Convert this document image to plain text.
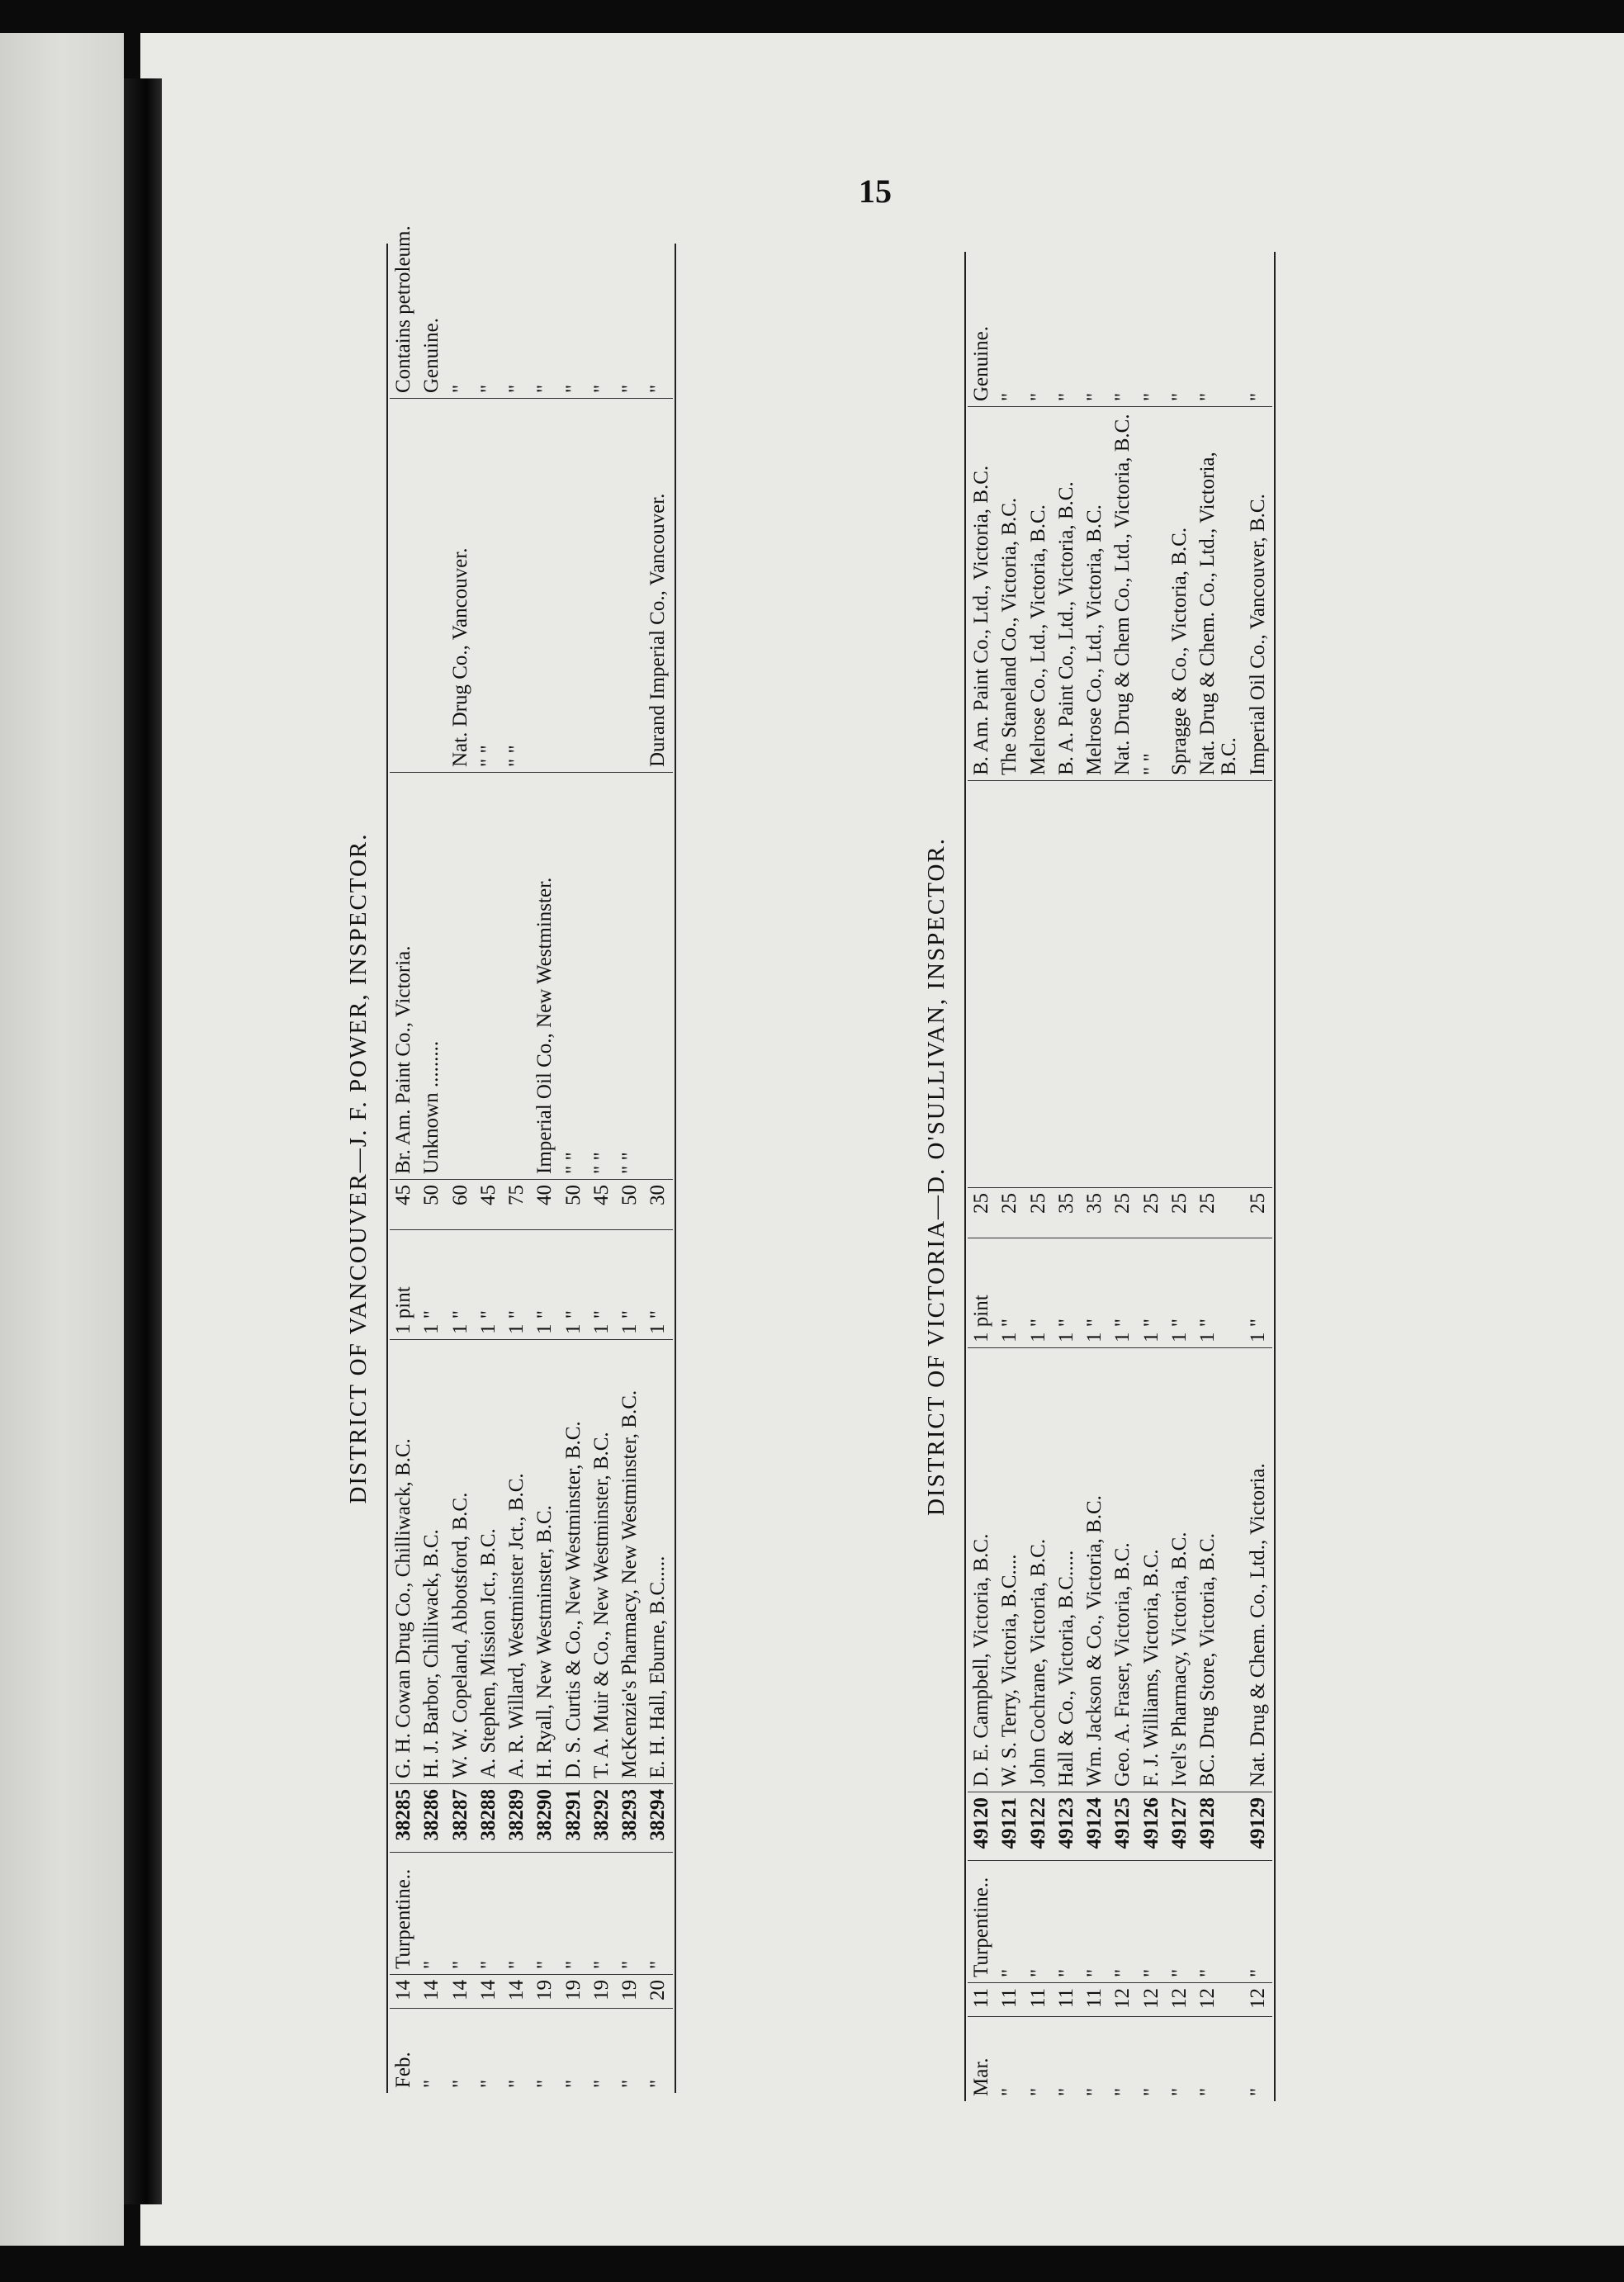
15
DISTRICT OF VANCOUVER—J. F. POWER, INSPECTOR.
Feb.	14	Turpentine..	38285	G. H. Cowan Drug Co., Chilliwack, B.C.	1 pint	45	Br. Am. Paint Co., Victoria.		Contains petroleum.
"	14	"	38286	H. J. Barbor, Chilliwack, B.C.	1 "	50	Unknown .........		Genuine.
"	14	"	38287	W. W. Copeland, Abbotsford, B.C.	1 "	60		Nat. Drug Co., Vancouver.	"
"	14	"	38288	A. Stephen, Mission Jct., B.C.	1 "	45		" "	"
"	14	"	38289	A. R. Willard, Westminster Jct., B.C.	1 "	75		" "	"
"	19	"	38290	H. Ryall, New Westminster, B.C.	1 "	40	Imperial Oil Co., New Westminster.		"
"	19	"	38291	D. S. Curtis & Co., New Westminster, B.C.	1 "	50	" "		"
"	19	"	38292	T. A. Muir & Co., New Westminster, B.C.	1 "	45	" "		"
"	19	"	38293	McKenzie's Pharmacy, New Westminster, B.C.	1 "	50	" "		"
"	20	"	38294	E. H. Hall, Eburne, B.C.....	1 "	30		Durand Imperial Co., Vancouver.	"
DISTRICT OF VICTORIA—D. O'SULLIVAN, INSPECTOR.
Mar.	11	Turpentine..	49120	D. E. Campbell, Victoria, B.C.	1 pint	25		B. Am. Paint Co., Ltd., Victoria, B.C.	Genuine.
"	11	"	49121	W. S. Terry, Victoria, B.C....	1 "	25		The Staneland Co., Victoria, B.C.	"
"	11	"	49122	John Cochrane, Victoria, B.C.	1 "	25		Melrose Co., Ltd., Victoria, B.C.	"
"	11	"	49123	Hall & Co., Victoria, B.C.....	1 "	35		B. A. Paint Co., Ltd., Victoria, B.C.	"
"	11	"	49124	Wm. Jackson & Co., Victoria, B.C.	1 "	35		Melrose Co., Ltd., Victoria, B.C.	"
"	12	"	49125	Geo. A. Fraser, Victoria, B.C.	1 "	25		Nat. Drug & Chem Co., Ltd., Victoria, B.C.	"
"	12	"	49126	F. J. Williams, Victoria, B.C.	1 "	25		" "	"
"	12	"	49127	Ivel's Pharmacy, Victoria, B.C.	1 "	25		Spragge & Co., Victoria, B.C.	"
"	12	"	49128	BC. Drug Store, Victoria, B.C.	1 "	25		Nat. Drug & Chem. Co., Ltd., Victoria, B.C.	"
"	12	"	49129	Nat. Drug & Chem. Co., Ltd., Victoria.	1 "	25		Imperial Oil Co., Vancouver, B.C.	"
